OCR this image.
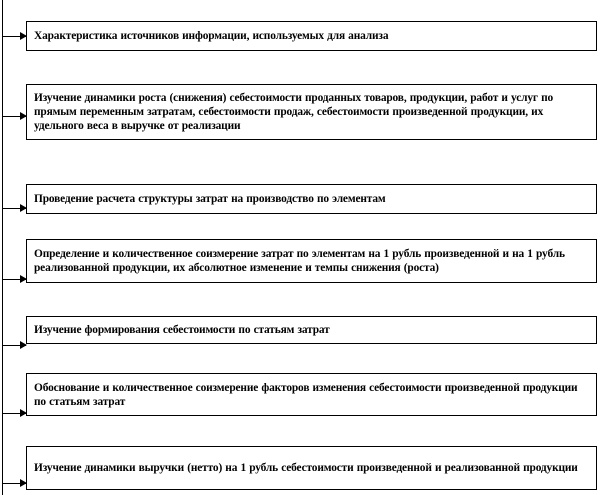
Характеристика источников информации, используемых для анализа
Изучение динамики роста (снижения) себестоимости проданных товаров, продукции, работ и услуг по прямым переменным затратам, себестоимости продаж, себестоимости произведенной продукции, их удельного веса в выручке от реализации
Проведение расчета структуры затрат на производство по элементам
Определение и количественное соизмерение затрат по элементам на 1 рубль произведенной и на 1 рубль реализованной продукции, их абсолютное изменение и темпы снижения (роста)
Изучение формирования себестоимости по статьям затрат
Обоснование и количественное соизмерение факторов изменения себестоимости произведенной продукции по статьям затрат
Изучение динамики выручки (нетто) на 1 рубль себестоимости произведенной и реализованной продукции
